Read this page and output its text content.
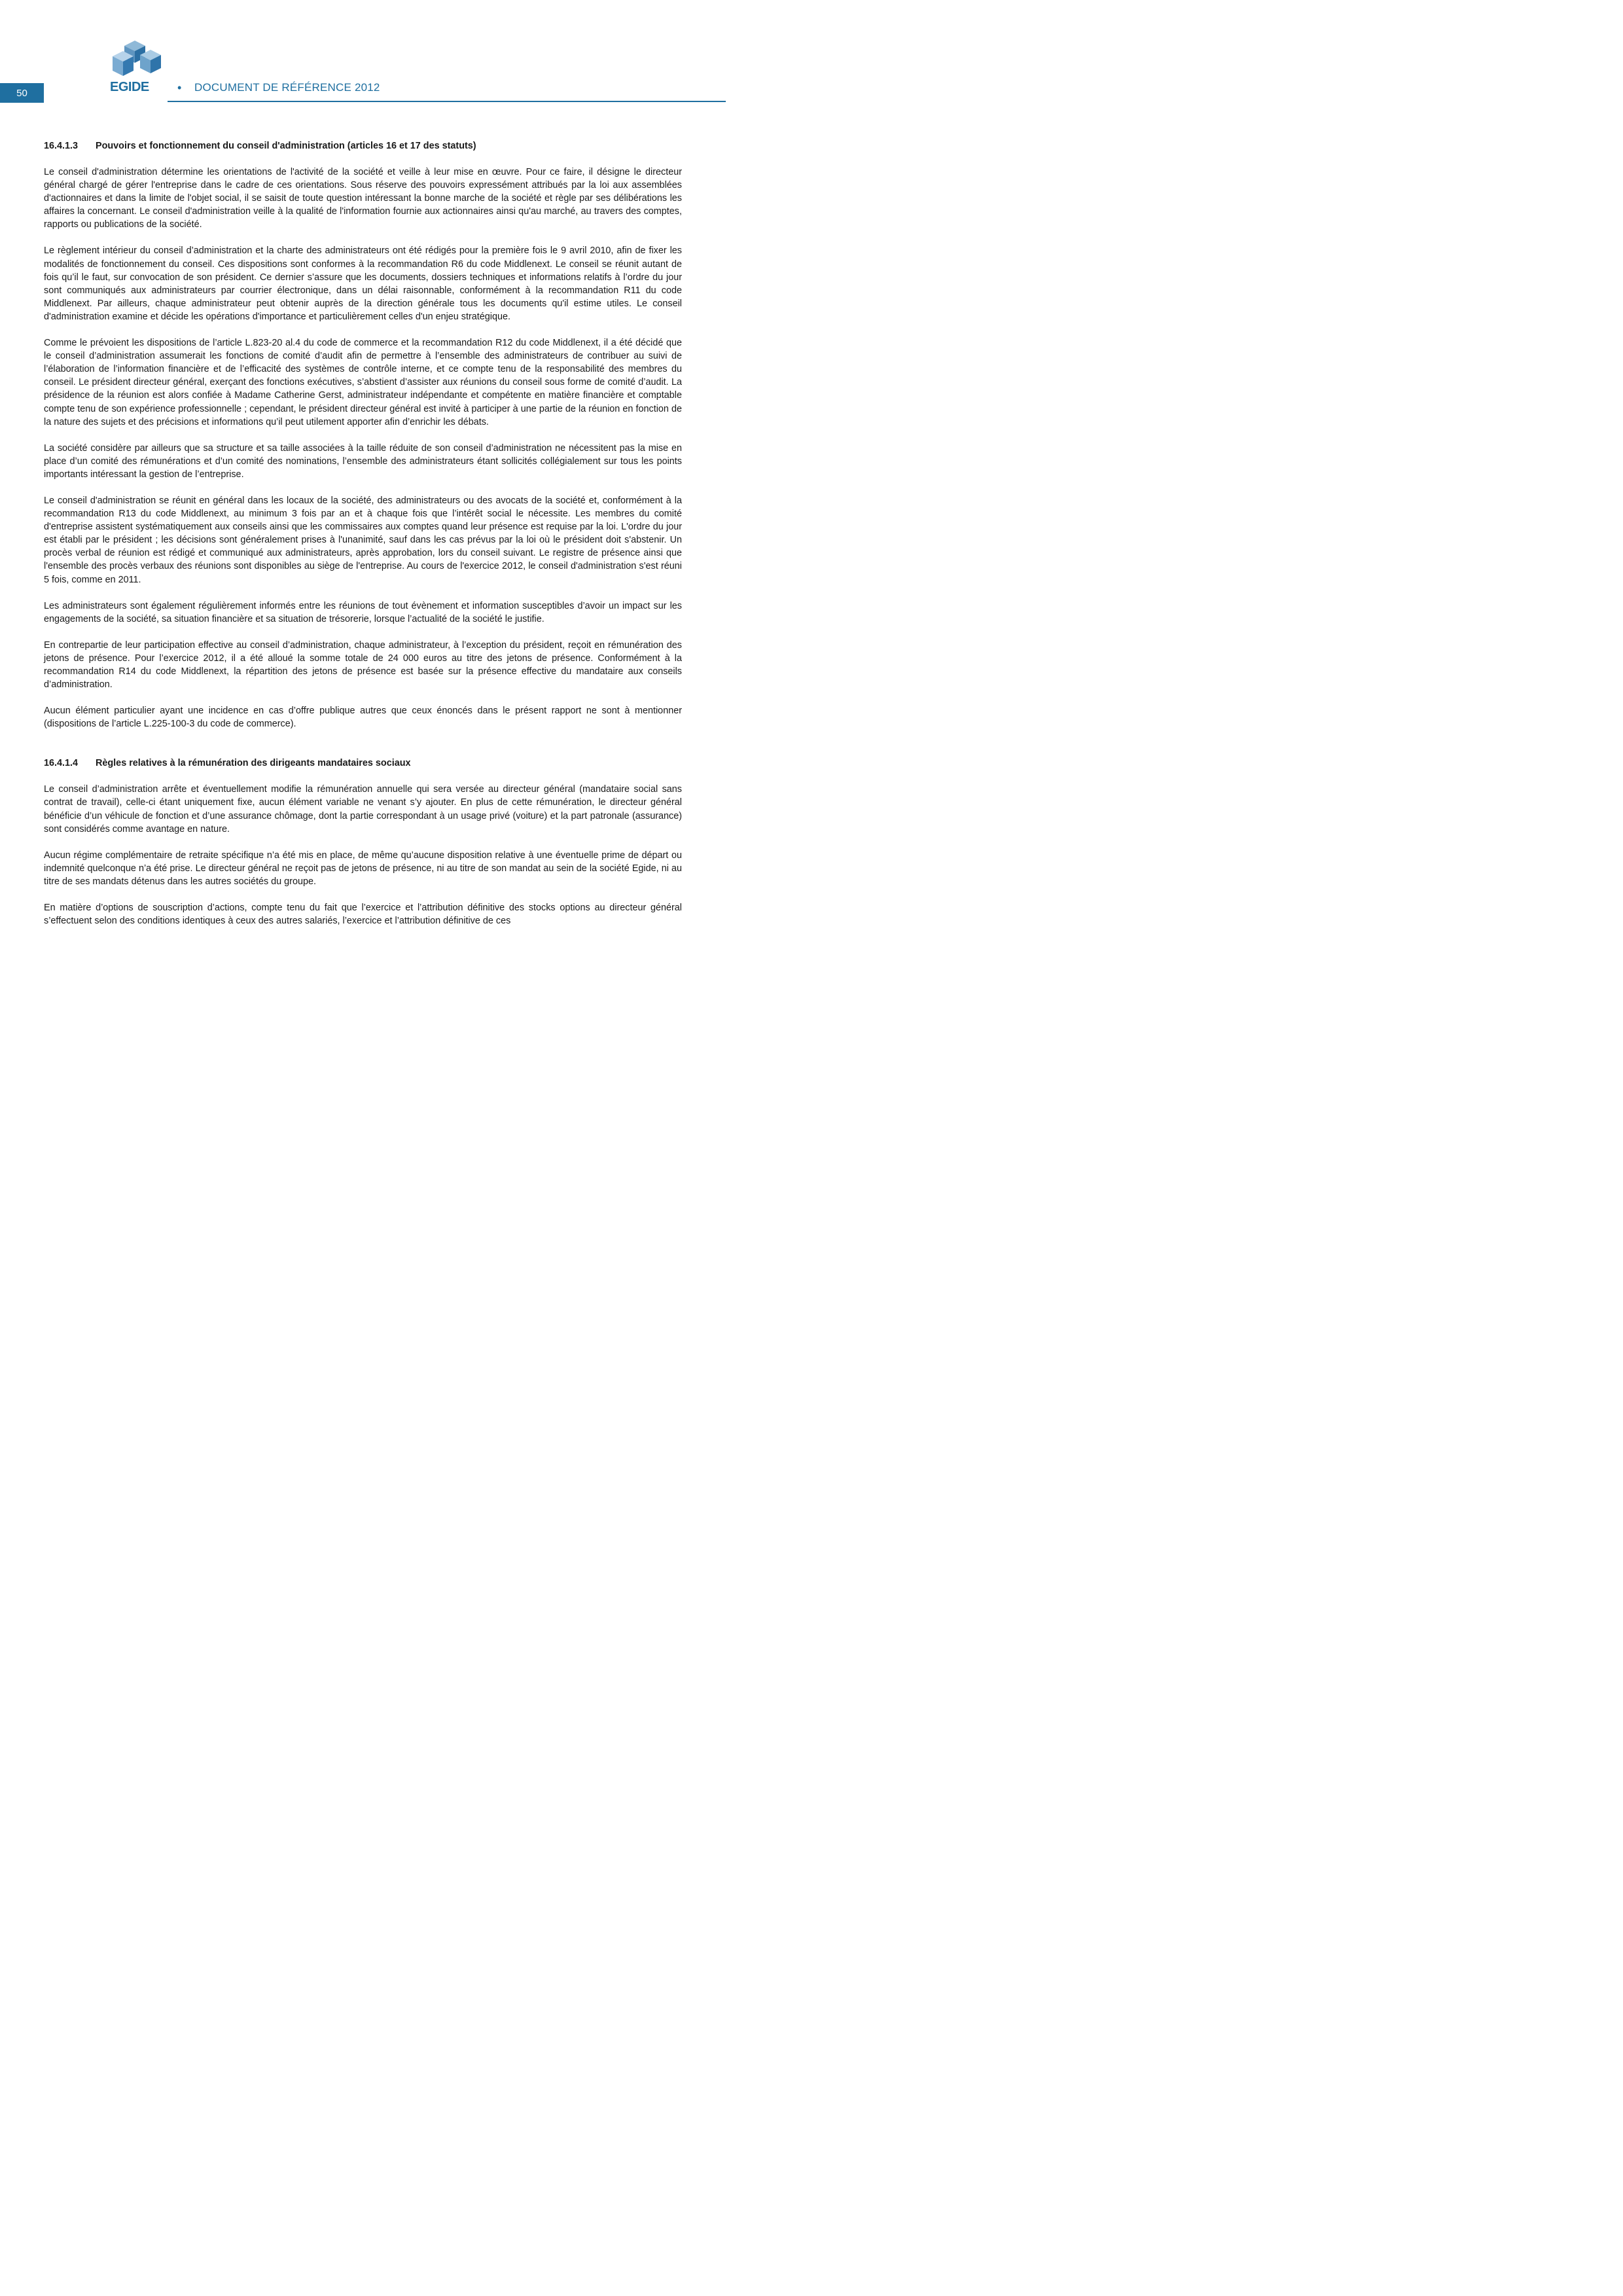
50	EGIDE • DOCUMENT DE RÉFÉRENCE 2012
16.4.1.3 Pouvoirs et fonctionnement du conseil d'administration (articles 16 et 17 des statuts)

Le conseil d'administration détermine les orientations de l'activité de la société et veille à leur mise en œuvre. Pour ce faire, il désigne le directeur général chargé de gérer l'entreprise dans le cadre de ces orientations. Sous réserve des pouvoirs expressément attribués par la loi aux assemblées d'actionnaires et dans la limite de l'objet social, il se saisit de toute question intéressant la bonne marche de la société et règle par ses délibérations les affaires la concernant. Le conseil d'administration veille à la qualité de l'information fournie aux actionnaires ainsi qu'au marché, au travers des comptes, rapports ou publications de la société.

Le règlement intérieur du conseil d’administration et la charte des administrateurs ont été rédigés pour la première fois le 9 avril 2010, afin de fixer les modalités de fonctionnement du conseil. Ces dispositions sont conformes à la recommandation R6 du code Middlenext. Le conseil se réunit autant de fois qu’il le faut, sur convocation de son président. Ce dernier s’assure que les documents, dossiers techniques et informations relatifs à l’ordre du jour sont communiqués aux administrateurs par courrier électronique, dans un délai raisonnable, conformément à la recommandation R11 du code Middlenext. Par ailleurs, chaque administrateur peut obtenir auprès de la direction générale tous les documents qu'il estime utiles. Le conseil d'administration examine et décide les opérations d'importance et particulièrement celles d'un enjeu stratégique.

Comme le prévoient les dispositions de l’article L.823-20 al.4 du code de commerce et la recommandation R12 du code Middlenext, il a été décidé que le conseil d’administration assumerait les fonctions de comité d’audit afin de permettre à l’ensemble des administrateurs de contribuer au suivi de l’élaboration de l’information financière et de l’efficacité des systèmes de contrôle interne, et ce compte tenu de la responsabilité des membres du conseil. Le président directeur général, exerçant des fonctions exécutives, s’abstient d’assister aux réunions du conseil sous forme de comité d’audit. La présidence de la réunion est alors confiée à Madame Catherine Gerst, administrateur indépendante et compétente en matière financière et comptable compte tenu de son expérience professionnelle ; cependant, le président directeur général est invité à participer à une partie de la réunion en fonction de la nature des sujets et des précisions et informations qu’il peut utilement apporter afin d’enrichir les débats.

La société considère par ailleurs que sa structure et sa taille associées à la taille réduite de son conseil d’administration ne nécessitent pas la mise en place d’un comité des rémunérations et d’un comité des nominations, l’ensemble des administrateurs étant sollicités collégialement sur tous les points importants intéressant la gestion de l’entreprise.

Le conseil d'administration se réunit en général dans les locaux de la société, des administrateurs ou des avocats de la société et, conformément à la recommandation R13 du code Middlenext, au minimum 3 fois par an et à chaque fois que l’intérêt social le nécessite. Les membres du comité d'entreprise assistent systématiquement aux conseils ainsi que les commissaires aux comptes quand leur présence est requise par la loi. L'ordre du jour est établi par le président ; les décisions sont généralement prises à l'unanimité, sauf dans les cas prévus par la loi où le président doit s'abstenir. Un procès verbal de réunion est rédigé et communiqué aux administrateurs, après approbation, lors du conseil suivant. Le registre de présence ainsi que l'ensemble des procès verbaux des réunions sont disponibles au siège de l'entreprise. Au cours de l'exercice 2012, le conseil d'administration s'est réuni 5 fois, comme en 2011.

Les administrateurs sont également régulièrement informés entre les réunions de tout évènement et information susceptibles d’avoir un impact sur les engagements de la société, sa situation financière et sa situation de trésorerie, lorsque l’actualité de la société le justifie.

En contrepartie de leur participation effective au conseil d’administration, chaque administrateur, à l’exception du président, reçoit en rémunération des jetons de présence. Pour l’exercice 2012, il a été alloué la somme totale de 24 000 euros au titre des jetons de présence. Conformément à la recommandation R14 du code Middlenext, la répartition des jetons de présence est basée sur la présence effective du mandataire aux conseils d’administration.

Aucun élément particulier ayant une incidence en cas d’offre publique autres que ceux énoncés dans le présent rapport ne sont à mentionner (dispositions de l’article L.225-100-3 du code de commerce).

16.4.1.4 Règles relatives à la rémunération des dirigeants mandataires sociaux

Le conseil d’administration arrête et éventuellement modifie la rémunération annuelle qui sera versée au directeur général (mandataire social sans contrat de travail), celle-ci étant uniquement fixe, aucun élément variable ne venant s’y ajouter. En plus de cette rémunération, le directeur général bénéficie d’un véhicule de fonction et d’une assurance chômage, dont la partie correspondant à un usage privé (voiture) et la part patronale (assurance) sont considérés comme avantage en nature.

Aucun régime complémentaire de retraite spécifique n’a été mis en place, de même qu’aucune disposition relative à une éventuelle prime de départ ou indemnité quelconque n’a été prise. Le directeur général ne reçoit pas de jetons de présence, ni au titre de son mandat au sein de la société Egide, ni au titre de ses mandats détenus dans les autres sociétés du groupe.

En matière d’options de souscription d’actions, compte tenu du fait que l’exercice et l’attribution définitive des stocks options au directeur général s’effectuent selon des conditions identiques à ceux des autres salariés, l’exercice et l’attribution définitive de ces
